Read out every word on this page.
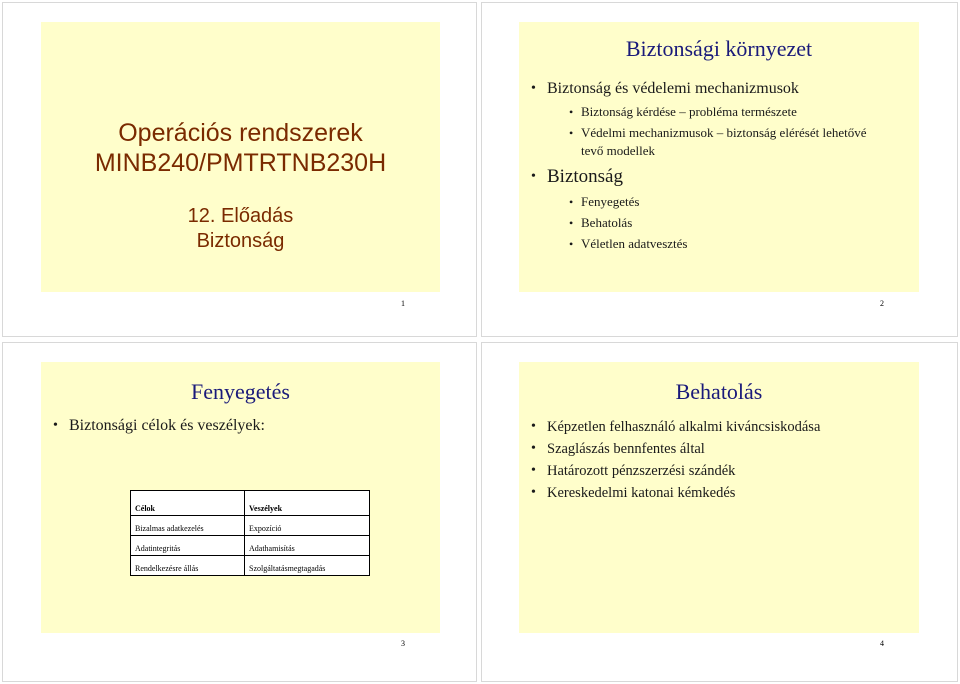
Operációs rendszerek
MINB240/PMTRTNB230H
12. Előadás
Biztonság
1
Biztonsági környezet
• Biztonság és védelemi mechanizmusok
• Biztonság kérdése – probléma természete
• Védelmi mechanizmusok – biztonság elérését lehetővé tevő modellek
• Biztonság
• Fenyegetés
• Behatolás
• Véletlen adatvesztés
2
Fenyegetés
• Biztonsági célok és veszélyek:
Célok	Veszélyek
Bizalmas adatkezelés	Expozíció
Adatintegritás	Adathamisítás
Rendelkezésre állás	Szolgáltatásmegtagadás
3
Behatolás
• Képzetlen felhasználó alkalmi kiváncsiskodása
• Szaglászás bennfentes által
• Határozott pénzszerzési szándék
• Kereskedelmi katonai kémkedés
4
